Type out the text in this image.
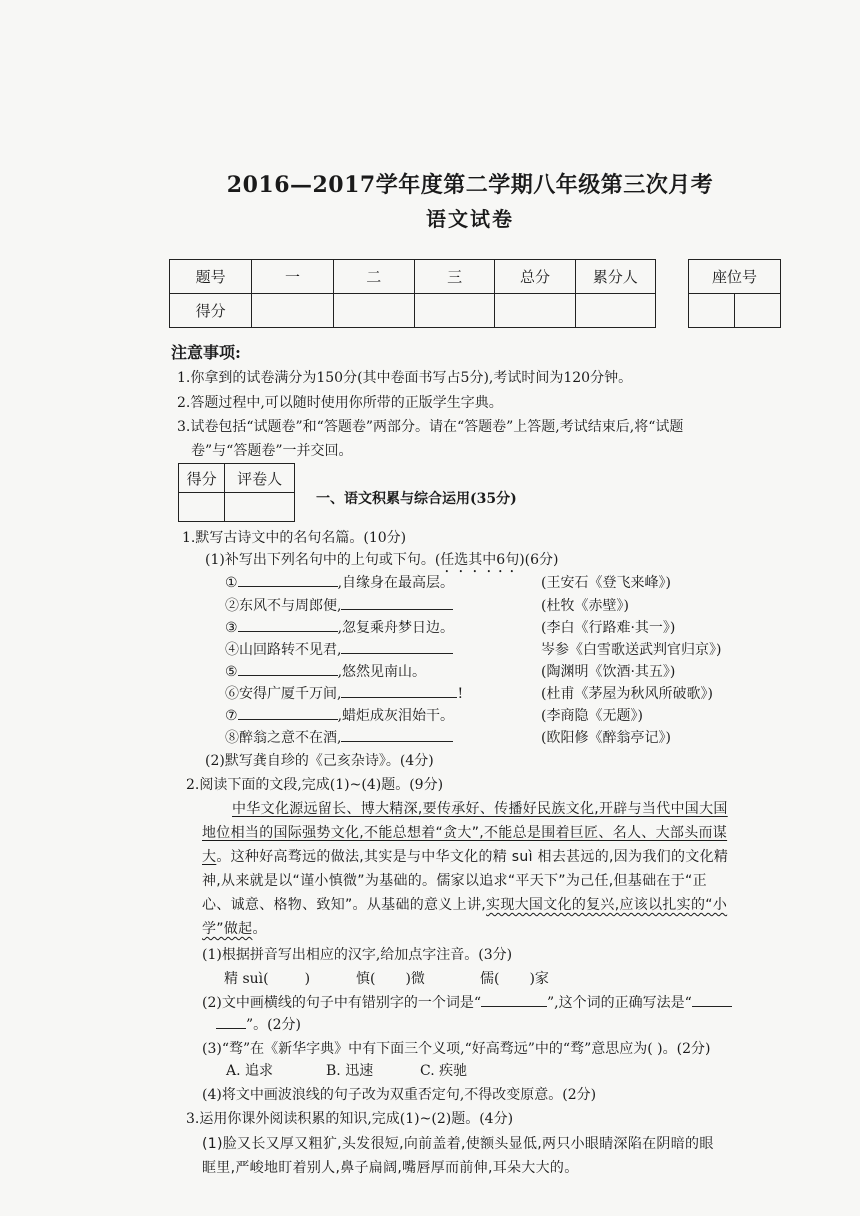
2016—2017学年度第二学期八年级第三次月考
语文试卷
题号	一	二	三	总分	累分人
得分					
座位号

注意事项:
1.你拿到的试卷满分为150分(其中卷面书写占5分),考试时间为120分钟。
2.答题过程中,可以随时使用你所带的正版学生字典。
3.试卷包括“试题卷”和“答题卷”两部分。请在“答题卷”上答题,考试结束后,将“试题
卷”与“答题卷”一并交回。
得分	评卷人

一、语文积累与综合运用(35分)
1.默写古诗文中的名句名篇。(10分)
(1)补写出下列名句中的上句或下句。(任选其中6句)(6分)
①	,自缘身在最高层。	(王安石《登飞来峰》)
②东风不与周郎便,	(杜牧《赤壁》)
③	,忽复乘舟梦日边。	(李白《行路难·其一》)
④山回路转不见君,	岑参《白雪歌送武判官归京》)
⑤	,悠然见南山。	(陶渊明《饮酒·其五》)
⑥安得广厦千万间,	!	(杜甫《茅屋为秋风所破歌》)
⑦	,蜡炬成灰泪始干。	(李商隐《无题》)
⑧醉翁之意不在酒,	(欧阳修《醉翁亭记》)
(2)默写龚自珍的《己亥杂诗》。(4分)
2.阅读下面的文段,完成(1)~(4)题。(9分)
中华文化源远留长、博大精深,要传承好、传播好民族文化,开辟与当代中国大国
地位相当的国际强势文化,不能总想着“贪大”,不能总是围着巨匠、名人、大部头而谋
大。这种好高骛远的做法,其实是与中华文化的精 suì 相去甚远的,因为我们的文化精
神,从来就是以“谨小慎微”为基础的。儒家以追求“平天下”为己任,但基础在于“正
心、诚意、格物、致知”。从基础的意义上讲,实现大国文化的复兴,应该以扎实的“小
学”做起。
(1)根据拼音写出相应的汉字,给加点字注音。(3分)
精 suì(	)	慎( )微	儒( )家
(2)文中画横线的句子中有错别字的一个词是“	”,这个词的正确写法是“
”。(2分)
(3)“骛”在《新华字典》中有下面三个义项,“好高骛远”中的“骛”意思应为( )。(2分)
A. 追求	B. 迅速	C. 疾驰
(4)将文中画波浪线的句子改为双重否定句,不得改变原意。(2分)
3.运用你课外阅读积累的知识,完成(1)~(2)题。(4分)
(1)脸又长又厚又粗犷,头发很短,向前盖着,使额头显低,两只小眼睛深陷在阴暗的眼
眶里,严峻地盯着别人,鼻子扁阔,嘴唇厚而前伸,耳朵大大的。
